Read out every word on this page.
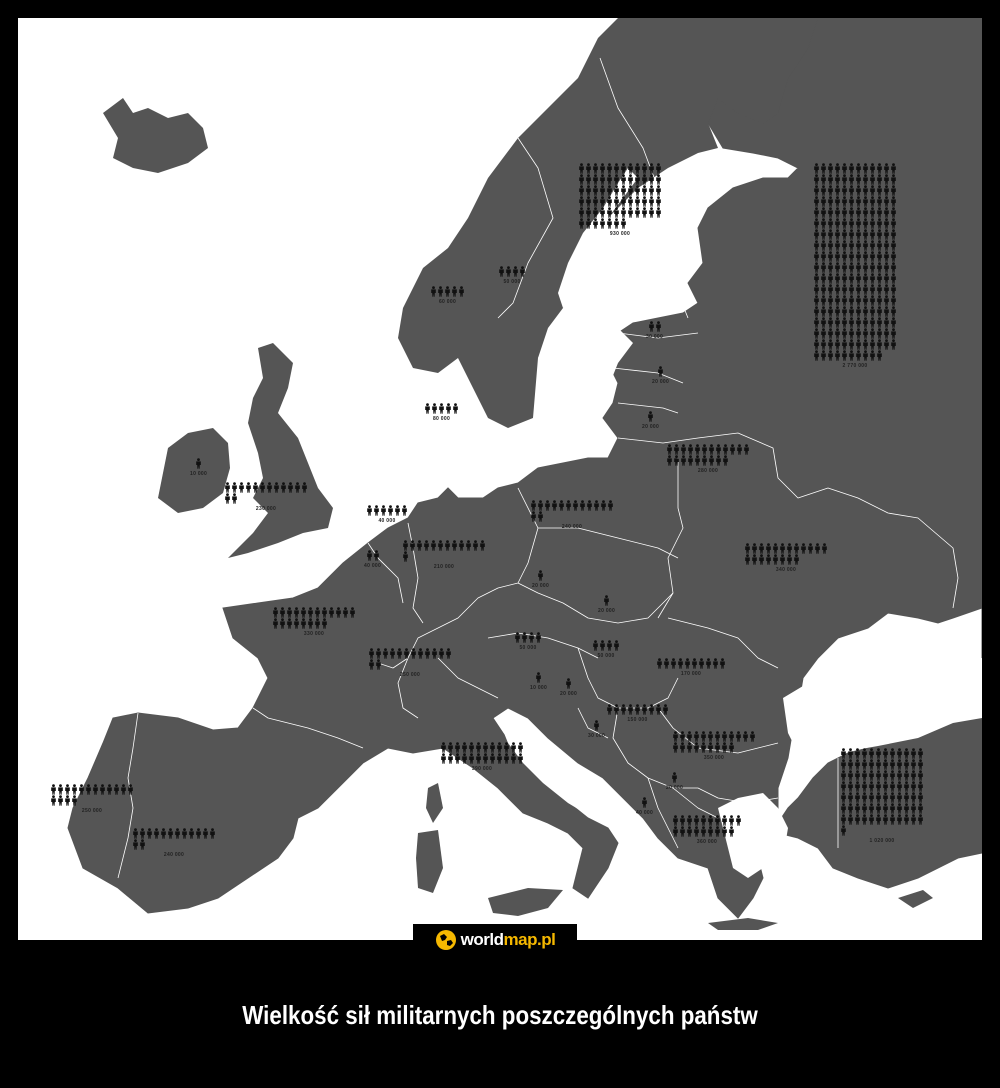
930 000
2 770 000
60 000
50 000
30 000
20 000
20 000
280 000
80 000
10 000
230 000
40 000
40 000	210 000
240 000
340 000
20 000
20 000
330 000
250 000
50 000
50 000
10 000
20 000
170 000
150 000
30 000
350 000
390 000
20 000
40 000
360 000	1 020 000
250 000
240 000
world map.pl
Wielkość sił militarnych poszczególnych państw
